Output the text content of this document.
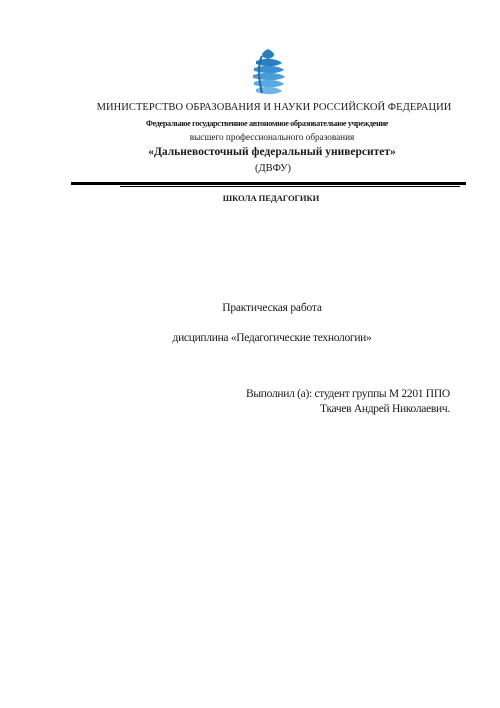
МИНИСТЕРСТВО ОБРАЗОВАНИЯ И НАУКИ РОССИЙСКОЙ ФЕДЕРАЦИИ
Федеральное государственное автономное образовательное учреждение
высшего профессионального образования
«Дальневосточный федеральный университет»
(ДВФУ)
ШКОЛА ПЕДАГОГИКИ
Практическая работа
дисциплина «Педагогические технологии»
Выполнил (а): студент группы М 2201 ППО
Ткачев Андрей Николаевич.
